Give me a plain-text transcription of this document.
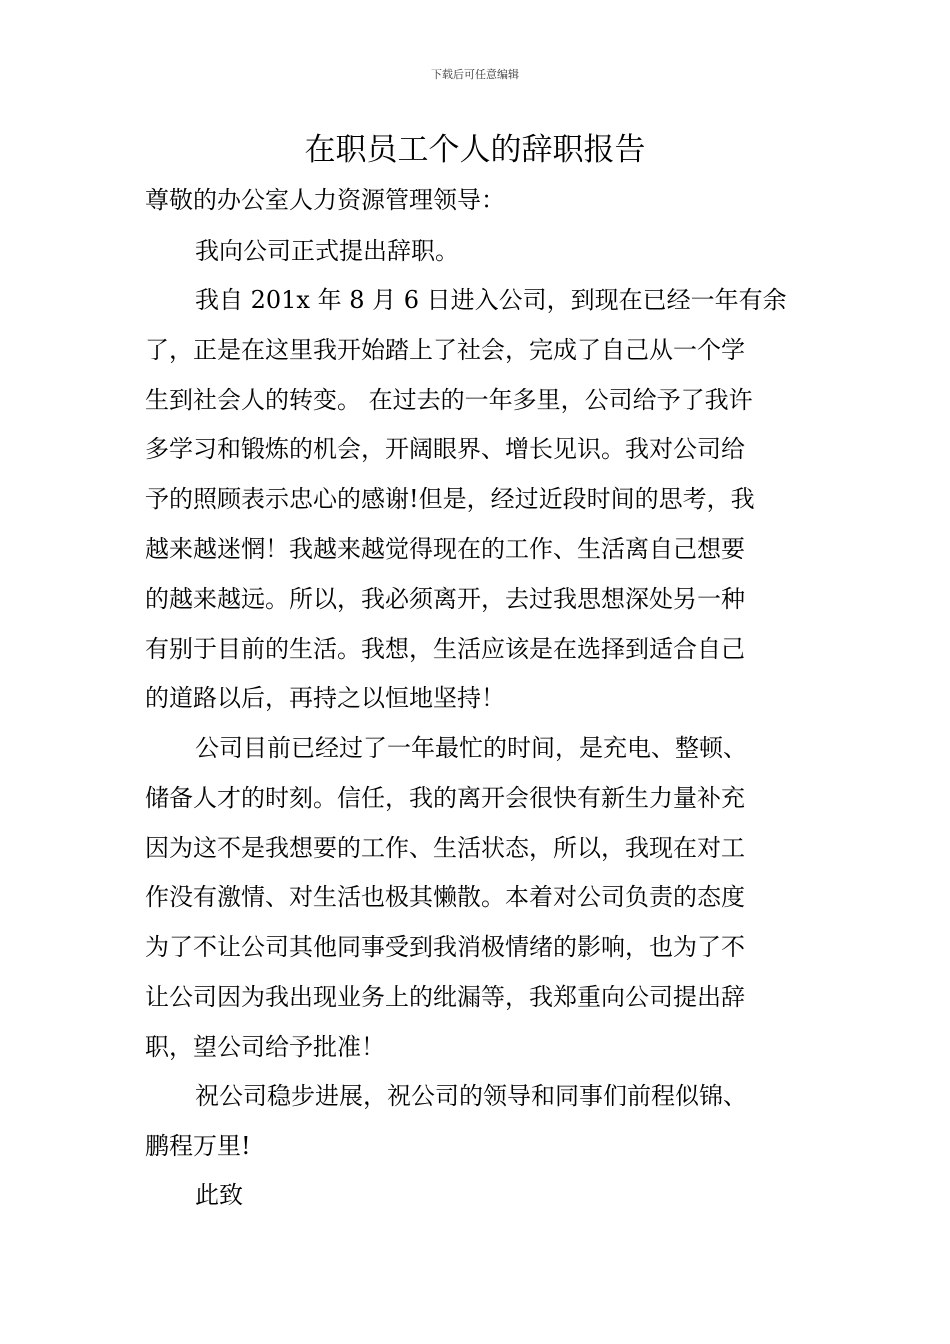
下载后可任意编辑
在职员工个人的辞职报告
尊敬的办公室人力资源管理领导：
我向公司正式提出辞职。
　我自 201x 年 8 月 6 日进入公司，到现在已经一年有余
了，正是在这里我开始踏上了社会，完成了自己从一个学
生到社会人的转变。 在过去的一年多里，公司给予了我许
多学习和锻炼的机会，开阔眼界、增长见识。我对公司给
予的照顾表示忠心的感谢!但是，经过近段时间的思考，我
越来越迷惘！我越来越觉得现在的工作、生活离自己想要
的越来越远。所以，我必须离开，去过我思想深处另一种
有别于目前的生活。我想，生活应该是在选择到适合自己
的道路以后，再持之以恒地坚持！
　公司目前已经过了一年最忙的时间，是充电、整顿、
储备人才的时刻。信任，我的离开会很快有新生力量补充
因为这不是我想要的工作、生活状态，所以，我现在对工
作没有激情、对生活也极其懒散。本着对公司负责的态度
为了不让公司其他同事受到我消极情绪的影响，也为了不
让公司因为我出现业务上的纰漏等，我郑重向公司提出辞
职，望公司给予批准！
　祝公司稳步进展，祝公司的领导和同事们前程似锦、
鹏程万里!
此致
